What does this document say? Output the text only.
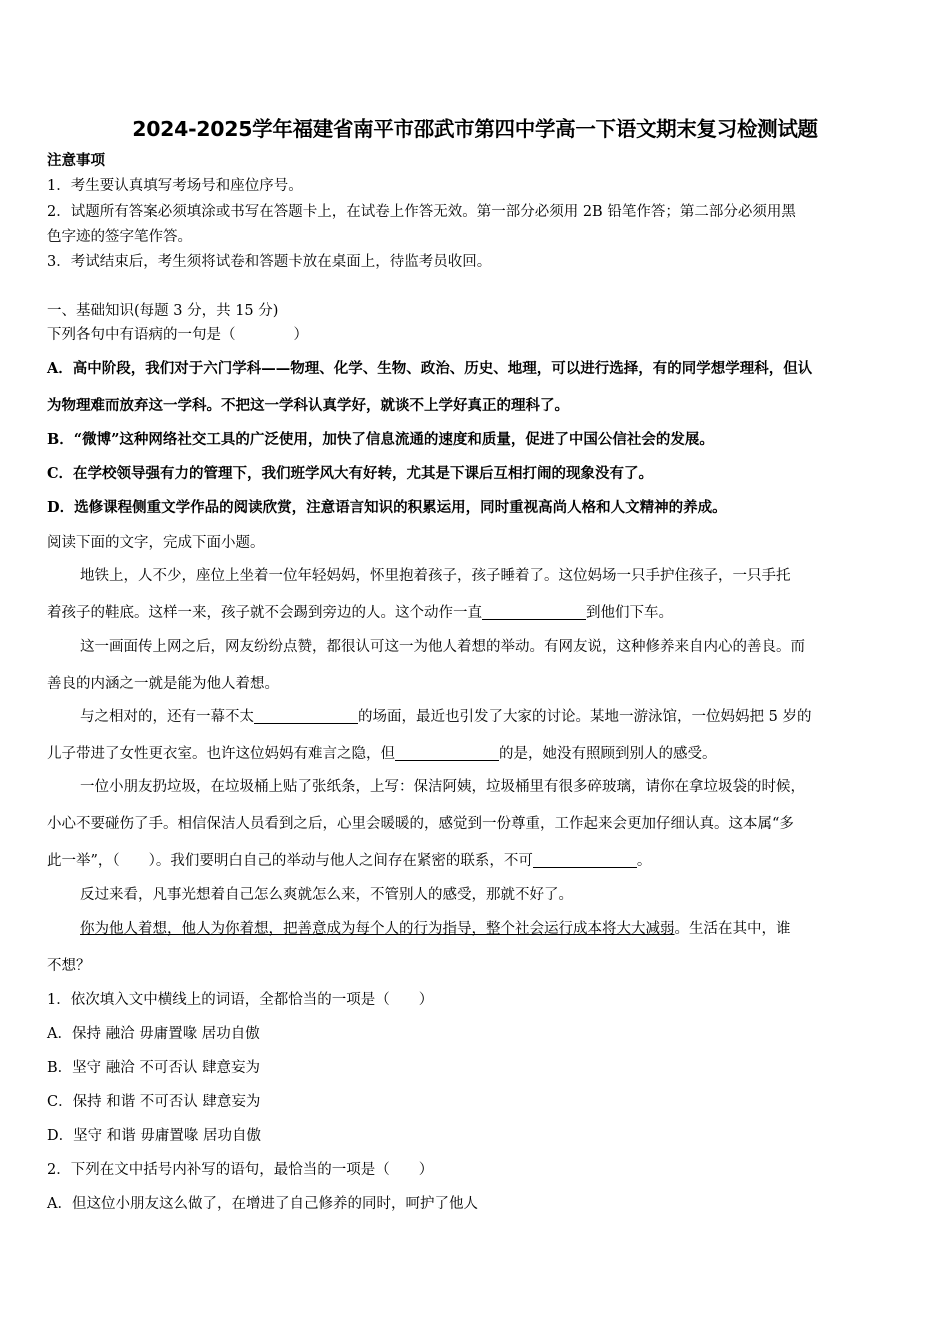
2024-2025学年福建省南平市邵武市第四中学高一下语文期末复习检测试题
注意事项
1．考生要认真填写考场号和座位序号。
2．试题所有答案必须填涂或书写在答题卡上，在试卷上作答无效。第一部分必须用 2B 铅笔作答；第二部分必须用黑
色字迹的签字笔作答。
3．考试结束后，考生须将试卷和答题卡放在桌面上，待监考员收回。
一、基础知识(每题 3 分，共 15 分)
下列各句中有语病的一句是（　　　　）
A．高中阶段，我们对于六门学科——物理、化学、生物、政治、历史、地理，可以进行选择，有的同学想学理科，但认
为物理难而放弃这一学科。不把这一学科认真学好，就谈不上学好真正的理科了。
B．“微博”这种网络社交工具的广泛使用，加快了信息流通的速度和质量，促进了中国公信社会的发展。
C．在学校领导强有力的管理下，我们班学风大有好转，尤其是下课后互相打闹的现象没有了。
D．选修课程侧重文学作品的阅读欣赏，注意语言知识的积累运用，同时重视高尚人格和人文精神的养成。
阅读下面的文字，完成下面小题。
地铁上，人不少，座位上坐着一位年轻妈妈，怀里抱着孩子，孩子睡着了。这位妈场一只手护住孩子，一只手托
着孩子的鞋底。这样一来，孩子就不会踢到旁边的人。这个动作一直	到他们下车。
这一画面传上网之后，网友纷纷点赞，都很认可这一为他人着想的举动。有网友说，这种修养来自内心的善良。而
善良的内涵之一就是能为他人着想。
与之相对的，还有一幕不太	的场面，最近也引发了大家的讨论。某地一游泳馆，一位妈妈把 5 岁的
儿子带进了女性更衣室。也许这位妈妈有难言之隐，但	的是，她没有照顾到别人的感受。
一位小朋友扔垃圾，在垃圾桶上贴了张纸条，上写：保洁阿姨，垃圾桶里有很多碎玻璃，请你在拿垃圾袋的时候，
小心不要碰伤了手。相信保洁人员看到之后，心里会暖暖的，感觉到一份尊重，工作起来会更加仔细认真。这本属“多
此一举”，（　　）。我们要明白自己的举动与他人之间存在紧密的联系，不可	。
反过来看，凡事光想着自己怎么爽就怎么来，不管别人的感受，那就不好了。
你为他人着想，他人为你着想，把善意成为每个人的行为指导，整个社会运行成本将大大减弱。生活在其中，谁
不想？
1．依次填入文中横线上的词语，全都恰当的一项是（　　）
A．保持 融洽 毋庸置喙 居功自傲
B．坚守 融洽 不可否认 肆意妄为
C．保持 和谐 不可否认 肆意妄为
D．坚守 和谐 毋庸置喙 居功自傲
2．下列在文中括号内补写的语句，最恰当的一项是（　　）
A．但这位小朋友这么做了，在增进了自己修养的同时，呵护了他人
